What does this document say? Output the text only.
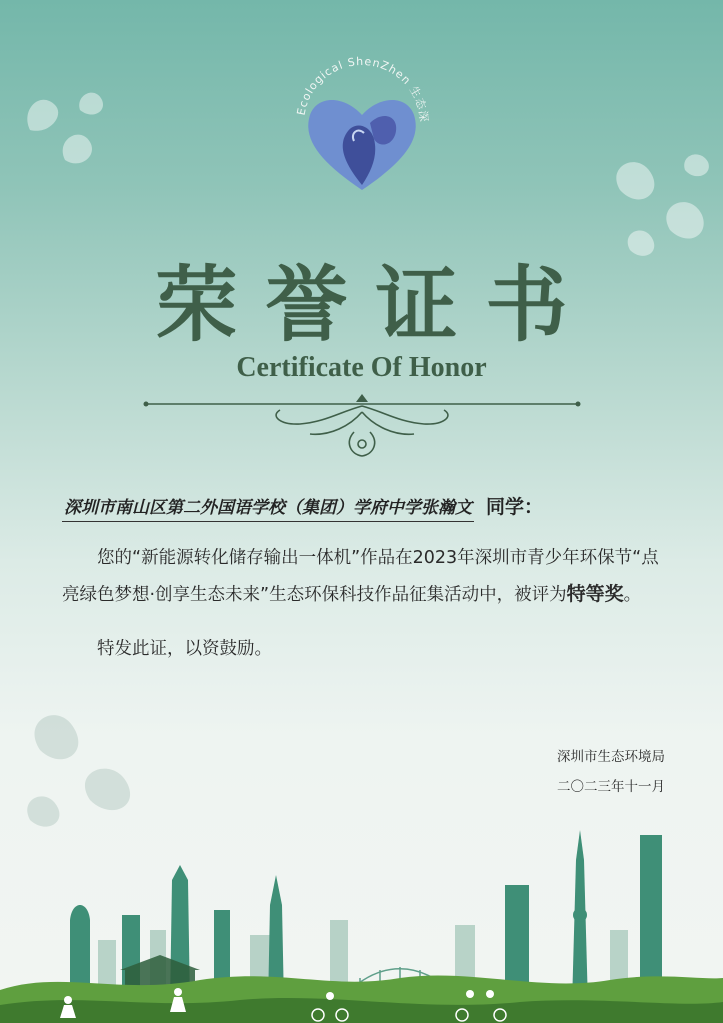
Ecological ShenZhen 生态深
荣誉证书
Certificate Of Honor
深圳市南山区第二外国语学校（集团）学府中学张瀚文 同学：
您的“新能源转化储存输出一体机”作品在2023年深圳市青少年环保节“点亮绿色梦想·创享生态未来”生态环保科技作品征集活动中，被评为特等奖。
特发此证，以资鼓励。
深圳市生态环境局
二〇二三年十一月
